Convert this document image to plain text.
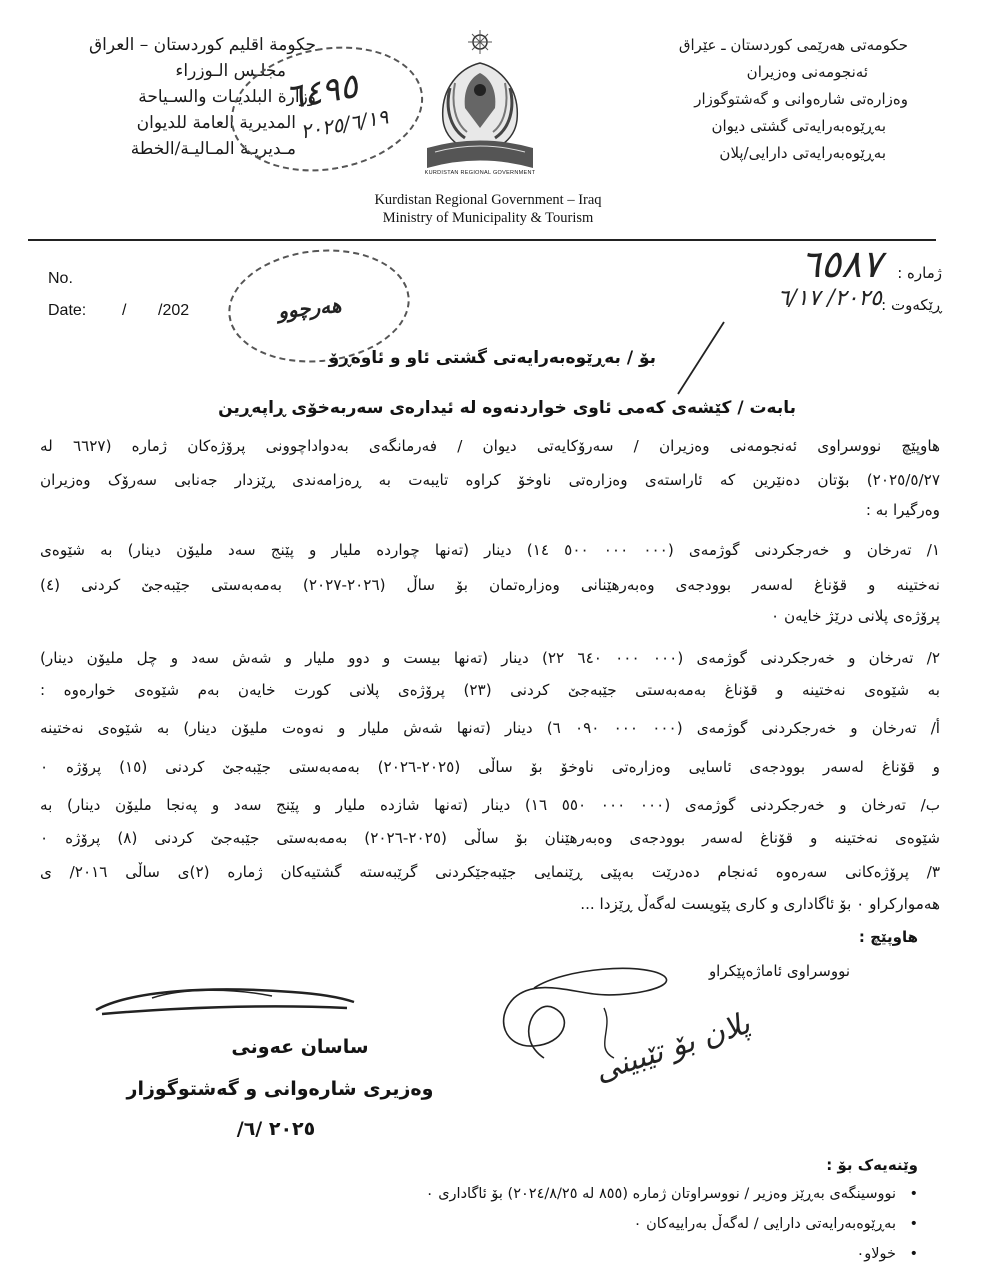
حکومەتی هەرێمی کوردستان ـ عێراق
ئەنجومەنی وەزیران
وەزارەتی شارەوانی و گەشتوگوزار
بەڕێوەبەرایەتی گشتی دیوان
بەڕێوەبەرایەتی دارایی/پلان
حكومة اقليم كوردستان – العراق
مجلـس الـوزراء
وزارة البلديـات والسـياحة
المديرية العامة للديوان
مـديريـة المـاليـة/الخطة
KURDISTAN REGIONAL GOVERNMENT
Kurdistan Regional Government – Iraq
Ministry of Municipality & Tourism
٦٤٩٥
٢٠٢٥/٦/١٩
No.
Date: / /202	هەرچوو
ژمارە :
٦٥٨٧
ڕێکەوت :
٢٠٢٥/ ٦/١٧
بۆ / بەڕێوەبەرایەتی گشتی ئاو و ئاوەڕۆ
بابەت / کێشەی کەمی ئاوی خواردنەوە لە ئیدارەی سەربەخۆی ڕاپەڕین
هاوپێچ نووسراوی ئەنجومەنی وەزیران / سەرۆکایەتی دیوان / فەرمانگەی بەدواداچوونی پرۆژەکان ژمارە (٦٦٢٧ لە
٢٠٢٥/٥/٢٧) بۆتان دەنێرین کە ئاراستەی وەزارەتی ناوخۆ کراوە تایبەت بە ڕەزامەندی ڕێزدار جەنابی سەرۆک وەزیران
وەرگیرا بە :
١/ تەرخان و خەرجکردنی گوژمەی (٠٠٠ ٠٠٠ ٥٠٠ ١٤) دینار (تەنها چواردە ملیار و پێنج سەد ملیۆن دینار) بە شێوەی
نەختینە و قۆناغ لەسەر بوودجەی وەبەرهێنانی وەزارەتمان بۆ ساڵ (٢٠٢٦-٢٠٢٧) بەمەبەستی جێبەجێ کردنی (٤)
پرۆژەی پلانی درێژ خایەن ٠
٢/ تەرخان و خەرجکردنی گوژمەی (٠٠٠ ٠٠٠ ٦٤٠ ٢٢) دینار (تەنها بیست و دوو ملیار و شەش سەد و چل ملیۆن دینار)
بە شێوەی نەختینە و قۆناغ بەمەبەستی جێبەجێ کردنی (٢٣) پرۆژەی پلانی کورت خایەن بەم شێوەی خوارەوە :
أ/ تەرخان و خەرجکردنی گوژمەی (٠٠٠ ٠٠٠ ٠٩٠ ٦) دینار (تەنها شەش ملیار و نەوەت ملیۆن دینار) بە شێوەی نەختینە
و قۆناغ لەسەر بوودجەی ئاسایی وەزارەتی ناوخۆ بۆ ساڵی (٢٠٢٥-٢٠٢٦) بەمەبەستی جێبەجێ کردنی (١٥) پرۆژە ٠
ب/ تەرخان و خەرجکردنی گوژمەی (٠٠٠ ٠٠٠ ٥٥٠ ١٦) دینار (تەنها شازدە ملیار و پێنج سەد و پەنجا ملیۆن دینار) بە
شێوەی نەختینە و قۆناغ لەسەر بوودجەی وەبەرهێنان بۆ ساڵی (٢٠٢٥-٢٠٢٦) بەمەبەستی جێبەجێ کردنی (٨) پرۆژە ٠
٣/ پرۆژەکانی سەرەوە ئەنجام دەدرێت بەپێی ڕێنمایی جێبەجێکردنی گرێبەستە گشتیەکان ژمارە (٢)ی ساڵی ٢٠١٦/ ی
هەموارکراو ٠ بۆ ئاگاداری و کاری پێویست لەگەڵ ڕێزدا ...
هاوپێچ :
نووسراوی ئاماژەپێکراو
پلان بۆ تێبینی
ساسان عەونی
وەزیری شارەوانی و گەشتوگوزار
٢٠٢٥ /٦/
وێنەیەک بۆ :
•نووسینگەی بەڕێز وەزیر / نووسراوتان ژمارە (٨٥٥ لە ٢٠٢٤/٨/٢٥) بۆ ئاگاداری ٠
•بەڕێوەبەرایەتی دارایی / لەگەڵ بەراییەکان ٠
•خولاو٠
